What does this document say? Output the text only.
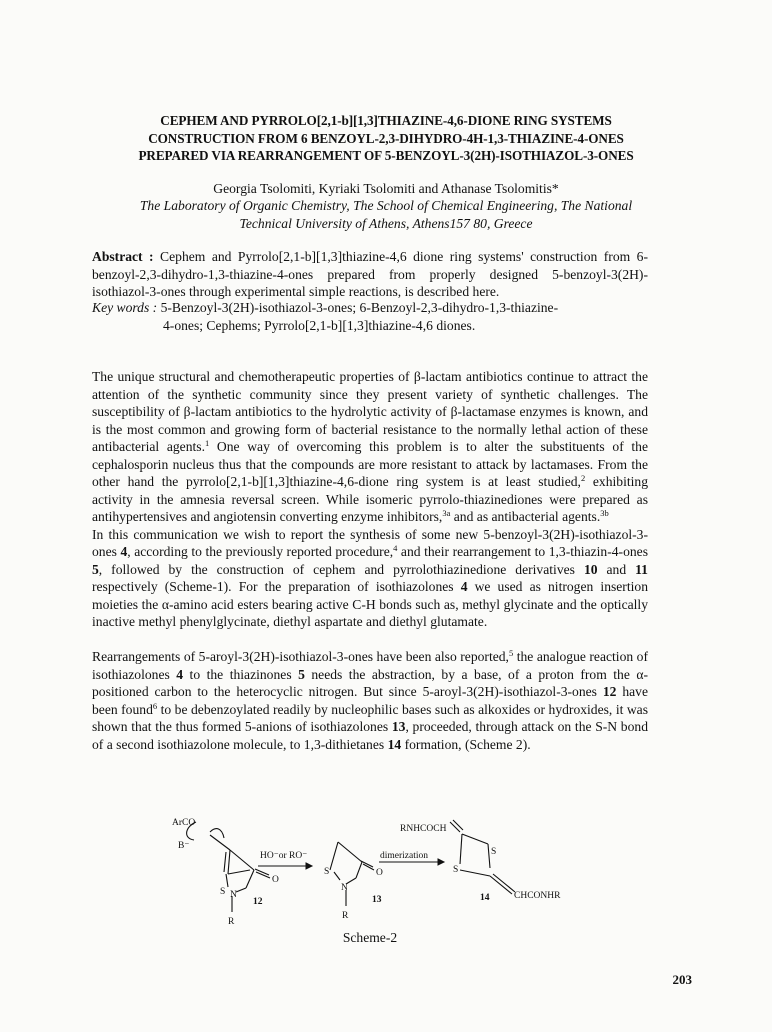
CEPHEM AND PYRROLO[2,1-b][1,3]THIAZINE-4,6-DIONE RING SYSTEMS
CONSTRUCTION FROM 6 BENZOYL-2,3-DIHYDRO-4H-1,3-THIAZINE-4-ONES
PREPARED VIA REARRANGEMENT OF 5-BENZOYL-3(2H)-ISOTHIAZOL-3-ONES
Georgia Tsolomiti, Kyriaki Tsolomiti and Athanase Tsolomitis*
The Laboratory of Organic Chemistry, The School of Chemical Engineering, The National
Technical University of Athens, Athens157 80, Greece
Abstract : Cephem and Pyrrolo[2,1-b][1,3]thiazine-4,6 dione ring systems' construction from 6-benzoyl-2,3-dihydro-1,3-thiazine-4-ones prepared from properly designed 5-benzoyl-3(2H)-isothiazol-3-ones through experimental simple reactions, is described here.
Key words : 5-Benzoyl-3(2H)-isothiazol-3-ones; 6-Benzoyl-2,3-dihydro-1,3-thiazine-
4-ones; Cephems; Pyrrolo[2,1-b][1,3]thiazine-4,6 diones.

The unique structural and chemotherapeutic properties of β-lactam antibiotics continue to attract the attention of the synthetic community since they present variety of synthetic challenges. The susceptibility of β-lactam antibiotics to the hydrolytic activity of β-lactamase enzymes is known, and is the most common and growing form of bacterial resistance to the normally lethal action of these antibacterial agents.$^1$ One way of overcoming this problem is to alter the substituents of the cephalosporin nucleus thus that the compounds are more resistant to attack by lactamases. From the other hand the pyrrolo[2,1-b][1,3]thiazine-4,6-dione ring system is at least studied,$^2$ exhibiting activity in the amnesia reversal screen. While isomeric pyrrolo-thiazinediones were prepared as antihypertensives and angiotensin converting enzyme inhibitors,$^{3a}$ and as antibacterial agents.$^{3b}$

In this communication we wish to report the synthesis of some new 5-benzoyl-3(2H)-isothiazol-3-ones 4, according to the previously reported procedure,$^4$ and their rearrangement to 1,3-thiazin-4-ones 5, followed by the construction of cephem and pyrrolothiazinedione derivatives 10 and 11 respectively (Scheme-1). For the preparation of isothiazolones 4 we used as nitrogen insertion moieties the α-amino acid esters bearing active C-H bonds such as, methyl glycinate and the optically inactive methyl phenylglycinate, diethyl aspartate and diethyl glutamate.

Rearrangements of 5-aroyl-3(2H)-isothiazol-3-ones have been also reported,$^5$ the analogue reaction of isothiazolones 4 to the thiazinones 5 needs the abstraction, by a base, of a proton from the α-positioned carbon to the heterocyclic nitrogen. But since 5-aroyl-3(2H)-isothiazol-3-ones 12 have been found$^6$ to be debenzoylated readily by nucleophilic bases such as alkoxides or hydroxides, it was shown that the thus formed 5-anions of isothiazolones 13, proceeded, through attack on the S-N bond of a second isothiazolone molecule, to 1,3-dithietanes 14 formation, (Scheme 2).

ArCO
B⁻
S N
O
R
12
HO⁻or RO⁻
S
N
O
R
13
dimerization
RNHCOCH
S
S
14	CHCONHR
Scheme-2
203
